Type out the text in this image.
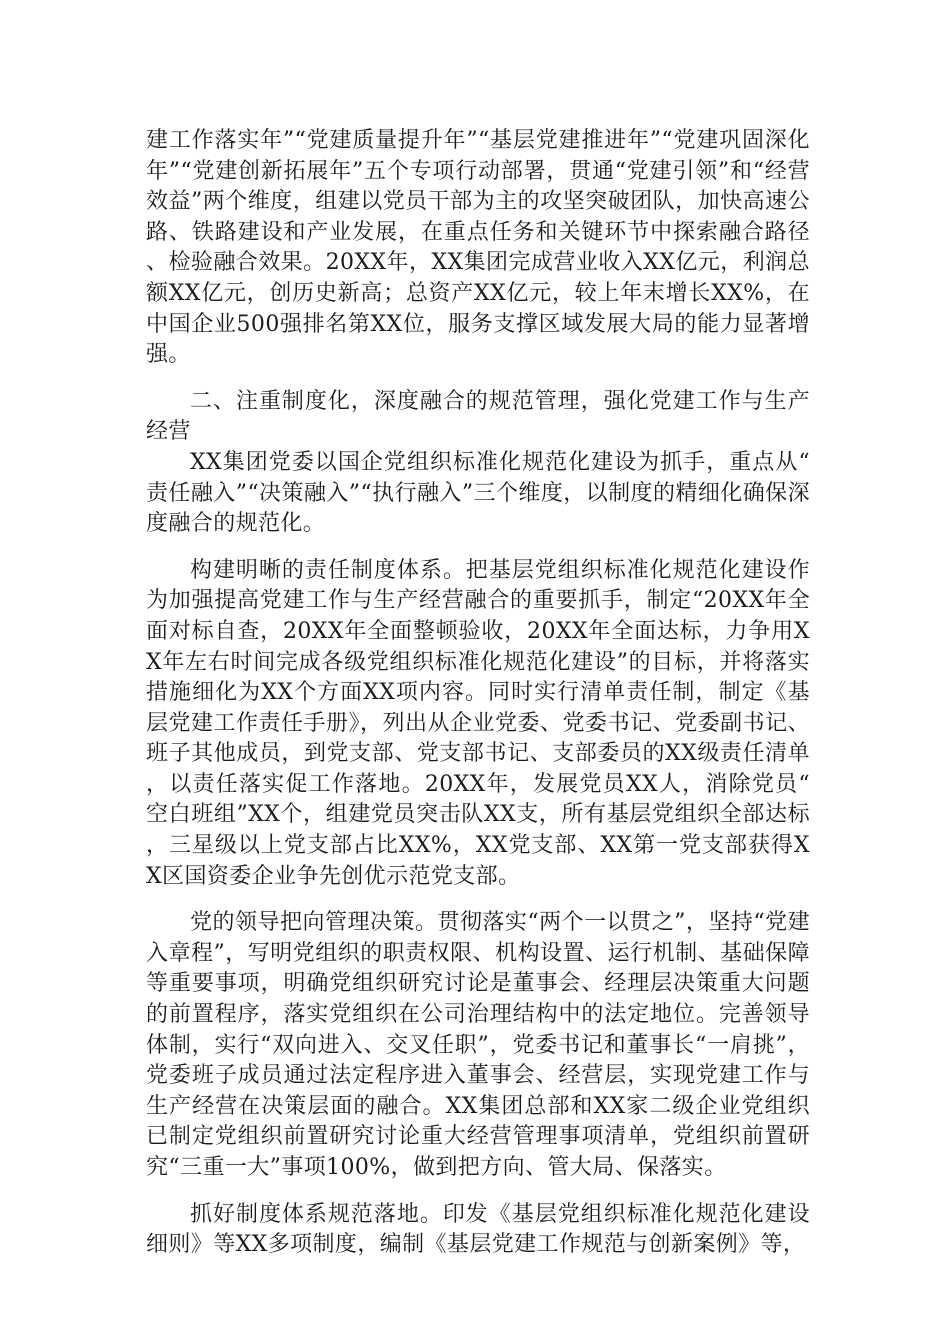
建工作落实年”“党建质量提升年”“基层党建推进年”“党建巩固深化年”“党建创新拓展年”五个专项行动部署，贯通“党建引领”和“经营效益”两个维度，组建以党员干部为主的攻坚突破团队，加快高速公路、铁路建设和产业发展，在重点任务和关键环节中探索融合路径、检验融合效果。20XX年，XX集团完成营业收入XX亿元，利润总额XX亿元，创历史新高；总资产XX亿元，较上年末增长XX%，在中国企业500强排名第XX位，服务支撑区域发展大局的能力显著增强。

二、注重制度化，深度融合的规范管理，强化党建工作与生产经营

XX集团党委以国企党组织标准化规范化建设为抓手，重点从“责任融入”“决策融入”“执行融入”三个维度，以制度的精细化确保深度融合的规范化。

构建明晰的责任制度体系。把基层党组织标准化规范化建设作为加强提高党建工作与生产经营融合的重要抓手，制定“20XX年全面对标自查，20XX年全面整顿验收，20XX年全面达标，力争用XX年左右时间完成各级党组织标准化规范化建设”的目标，并将落实措施细化为XX个方面XX项内容。同时实行清单责任制，制定《基层党建工作责任手册》，列出从企业党委、党委书记、党委副书记、班子其他成员，到党支部、党支部书记、支部委员的XX级责任清单，以责任落实促工作落地。20XX年，发展党员XX人，消除党员“空白班组”XX个，组建党员突击队XX支，所有基层党组织全部达标，三星级以上党支部占比XX%，XX党支部、XX第一党支部获得XX区国资委企业争先创优示范党支部。

党的领导把向管理决策。贯彻落实“两个一以贯之”，坚持“党建入章程”，写明党组织的职责权限、机构设置、运行机制、基础保障等重要事项，明确党组织研究讨论是董事会、经理层决策重大问题的前置程序，落实党组织在公司治理结构中的法定地位。完善领导体制，实行“双向进入、交叉任职”，党委书记和董事长“一肩挑”，党委班子成员通过法定程序进入董事会、经营层，实现党建工作与生产经营在决策层面的融合。XX集团总部和XX家二级企业党组织已制定党组织前置研究讨论重大经营管理事项清单，党组织前置研究“三重一大”事项100%，做到把方向、管大局、保落实。

抓好制度体系规范落地。印发《基层党组织标准化规范化建设细则》等XX多项制度，编制《基层党建工作规范与创新案例》等，
